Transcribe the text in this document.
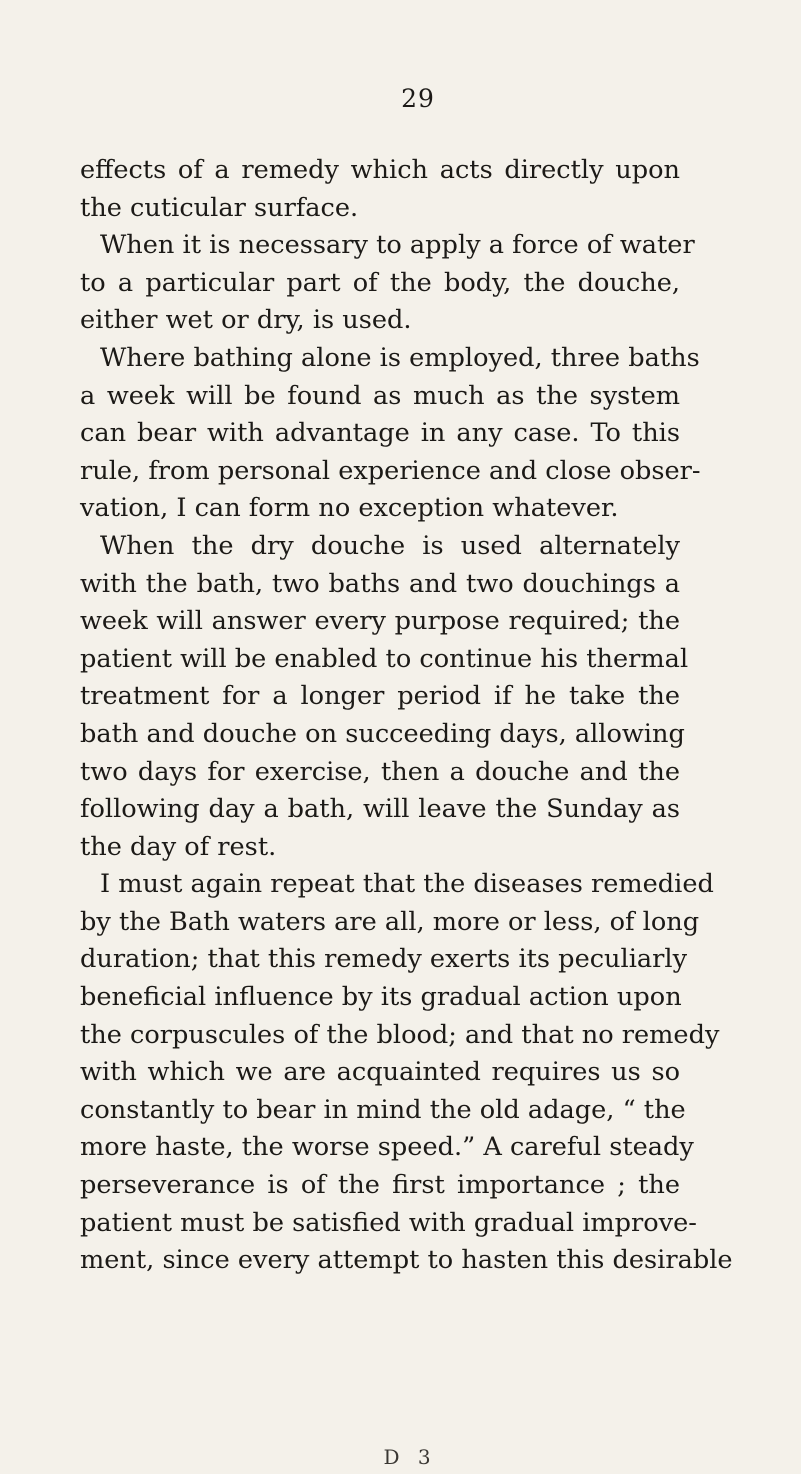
29
effects of a remedy which acts directly upon
the cuticular surface.
When it is necessary to apply a force of water
to a particular part of the body, the douche,
either wet or dry, is used.
Where bathing alone is employed, three baths
a week will be found as much as the system
can bear with advantage in any case. To this
rule, from personal experience and close obser-
vation, I can form no exception whatever.
When the dry douche is used alternately
with the bath, two baths and two douchings a
week will answer every purpose required; the
patient will be enabled to continue his thermal
treatment for a longer period if he take the
bath and douche on succeeding days, allowing
two days for exercise, then a douche and the
following day a bath, will leave the Sunday as
the day of rest.
I must again repeat that the diseases remedied
by the Bath waters are all, more or less, of long
duration; that this remedy exerts its peculiarly
beneficial influence by its gradual action upon
the corpuscules of the blood; and that no remedy
with which we are acquainted requires us so
constantly to bear in mind the old adage, “ the
more haste, the worse speed.” A careful steady
perseverance is of the first importance ; the
patient must be satisfied with gradual improve-
ment, since every attempt to hasten this desirable
D 3
